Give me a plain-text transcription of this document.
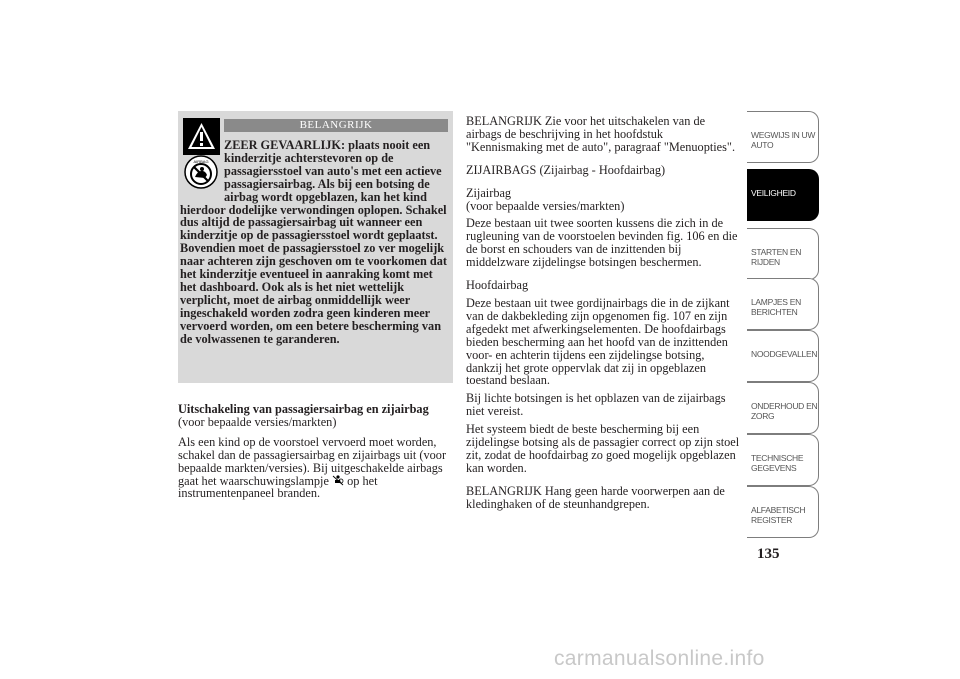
BELANGRIJK
AIRBAG
ZEER GEVAARLIJK: plaats nooit een kinderzitje achterstevoren op de passagiersstoel van auto's met een actieve passagiersairbag. Als bij een botsing de airbag wordt opgeblazen, kan het kind hierdoor dodelijke verwondingen oplopen. Schakel dus altijd de passagiersairbag uit wanneer een kinderzitje op de passagiersstoel wordt geplaatst. Bovendien moet de passagiersstoel zo ver mogelijk naar achteren zijn geschoven om te voorkomen dat het kinderzitje eventueel in aanraking komt met het dashboard. Ook als is het niet wettelijk verplicht, moet de airbag onmiddellijk weer ingeschakeld worden zodra geen kinderen meer vervoerd worden, om een betere bescherming van de volwassenen te garanderen.
Uitschakeling van passagiersairbag en zijairbag
(voor bepaalde versies/markten)
Als een kind op de voorstoel vervoerd moet worden, schakel dan de passagiersairbag en zijairbags uit (voor bepaalde markten/versies). Bij uitgeschakelde airbags gaat het waarschuwingslampje op het instrumentenpaneel branden.

BELANGRIJK Zie voor het uitschakelen van de airbags de beschrijving in het hoofdstuk "Kennismaking met de auto", paragraaf "Menuopties".

ZIJAIRBAGS (Zijairbag - Hoofdairbag)

Zijairbag

(voor bepaalde versies/markten)

Deze bestaan uit twee soorten kussens die zich in de rugleuning van de voorstoelen bevinden fig. 106 en die de borst en schouders van de inzittenden bij middelzware zijdelingse botsingen beschermen.

Hoofdairbag

Deze bestaan uit twee gordijnairbags die in de zijkant van de dakbekleding zijn opgenomen fig. 107 en zijn afgedekt met afwerkingselementen. De hoofdairbags bieden bescherming aan het hoofd van de inzittenden voor- en achterin tijdens een zijdelingse botsing, dankzij het grote oppervlak dat zij in opgeblazen toestand beslaan.

Bij lichte botsingen is het opblazen van de zijairbags niet vereist.

Het systeem biedt de beste bescherming bij een zijdelingse botsing als de passagier correct op zijn stoel zit, zodat de hoofdairbag zo goed mogelijk opgeblazen kan worden.

BELANGRIJK Hang geen harde voorwerpen aan de kledinghaken of de steunhandgrepen.

WEGWIJS IN UW AUTO
VEILIGHEID
STARTEN EN RIJDEN
LAMPJES EN BERICHTEN
NOODGEVALLEN
ONDERHOUD EN ZORG
TECHNISCHE GEGEVENS
ALFABETISCH REGISTER
135
carmanualsonline.info
